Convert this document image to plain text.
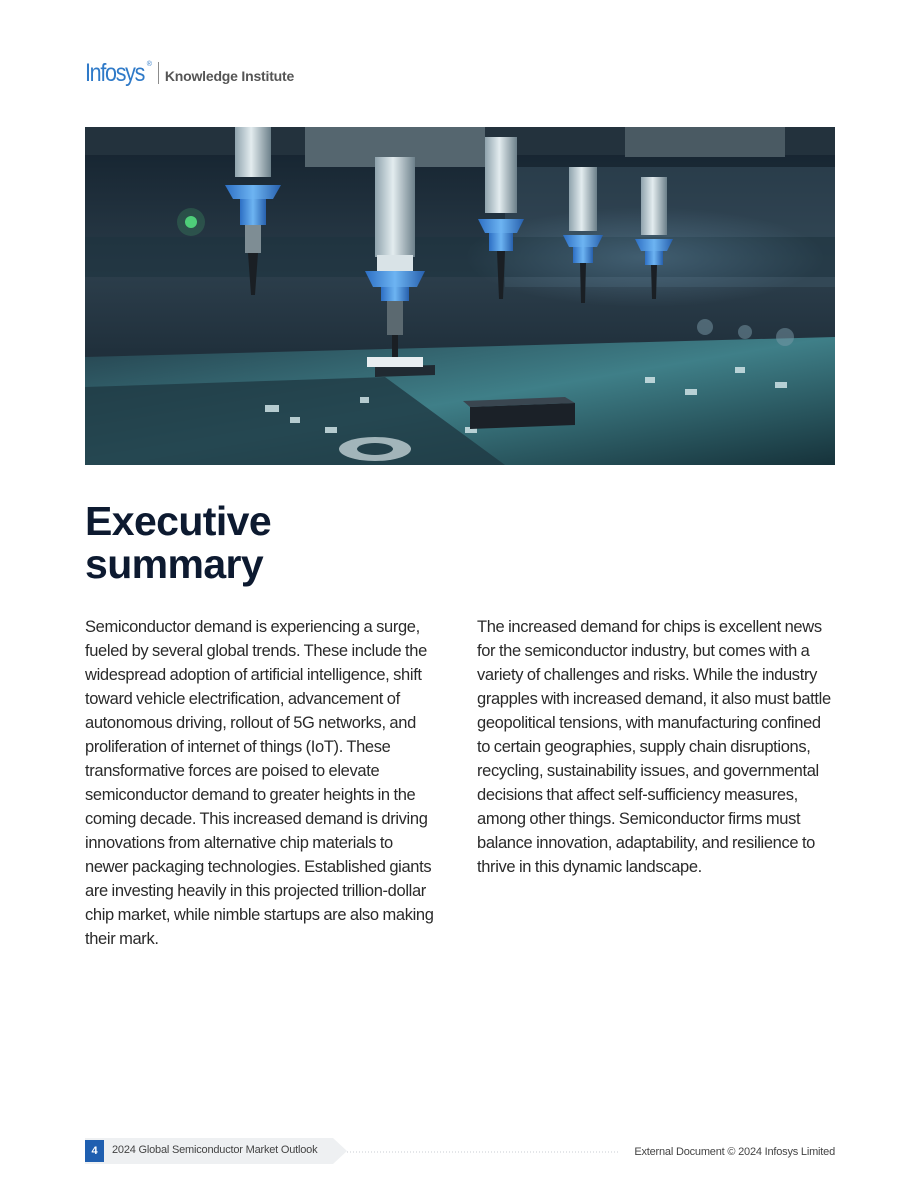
Infosys ®
Knowledge Institute
Executive
summary

Semiconductor demand is experiencing a surge, fueled by several global trends. These include the widespread adoption of artificial intelligence, shift toward vehicle electrification, advancement of autonomous driving, rollout of 5G networks, and proliferation of internet of things (IoT). These transformative forces are poised to elevate semiconductor demand to greater heights in the coming decade. This increased demand is driving innovations from alternative chip materials to newer packaging technologies. Established giants are investing heavily in this projected trillion-dollar chip market, while nimble startups are also making their mark.

The increased demand for chips is excellent news for the semiconductor industry, but comes with a variety of challenges and risks. While the industry grapples with increased demand, it also must battle geopolitical tensions, with manufacturing confined to certain geographies, supply chain disruptions, recycling, sustainability issues, and governmental decisions that affect self-sufficiency measures, among other things. Semiconductor firms must balance innovation, adaptability, and resilience to thrive in this dynamic landscape.

4	2024 Global Semiconductor Market Outlook	External Document © 2024 Infosys Limited
